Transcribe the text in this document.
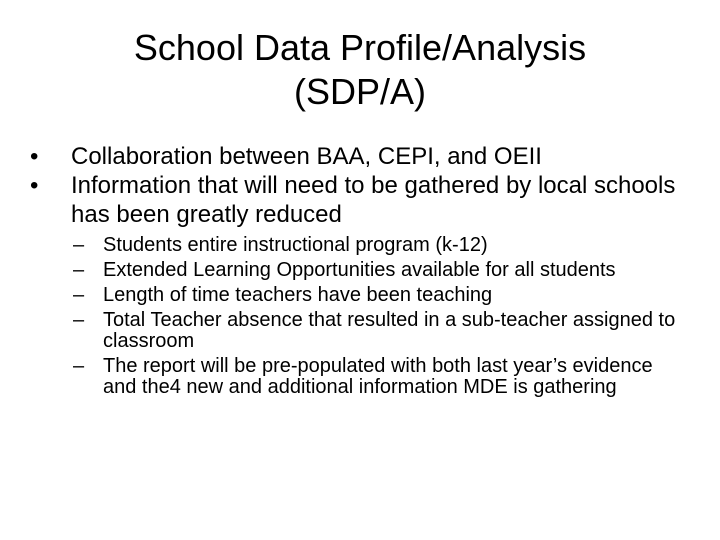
School Data Profile/Analysis
(SDP/A)
•	Collaboration between BAA, CEPI, and OEII
•	Information that will need to be gathered by local schools has been greatly reduced
– Students entire instructional program (k-12)
– Extended Learning Opportunities available for all students
– Length of time teachers have been teaching
– Total Teacher absence that resulted in a sub-teacher assigned to classroom
– The report will be pre-populated with both last year’s evidence and the4 new and additional information MDE is gathering
